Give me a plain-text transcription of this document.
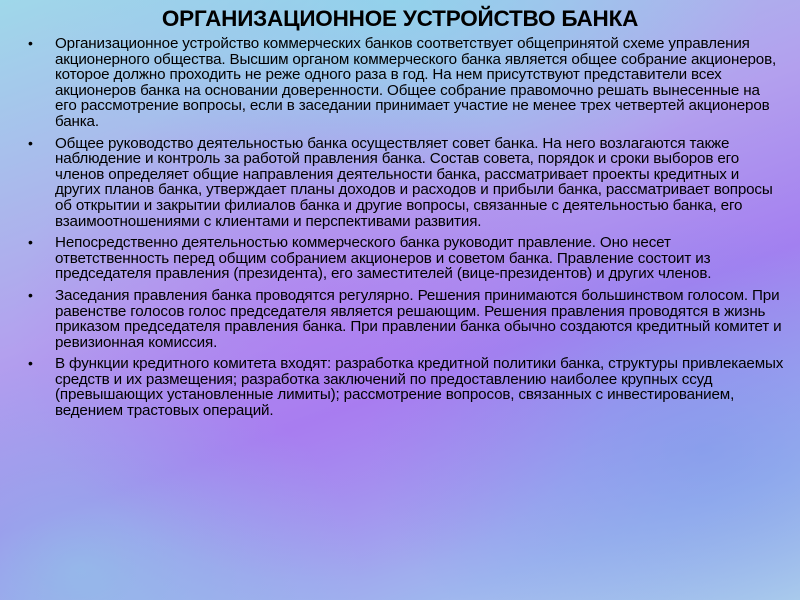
ОРГАНИЗАЦИОННОЕ УСТРОЙСТВО БАНКА
• Организационное устройство коммерческих банков соответствует общепринятой схеме управления акционерного общества. Высшим органом коммерческого банка является общее собрание акционеров, которое должно проходить не реже одного раза в год. На нем присутствуют представители всех акционеров банка на основании доверенности. Общее собрание правомочно решать вынесенные на его рассмотрение вопросы, если в заседании принимает участие не менее трех четвертей акционеров банка.
• Общее руководство деятельностью банка осуществляет совет банка. На него возлагаются также наблюдение и контроль за работой правления банка. Состав совета, порядок и сроки выборов его членов определяет общие направления деятельности банка, рассматривает проекты кредитных и других планов банка, утверждает планы доходов и расходов и прибыли банка, рассматривает вопросы об открытии и закрытии филиалов банка и другие вопросы, связанные с деятельностью банка, его взаимоотношениями с клиентами и перспективами развития.
• Непосредственно деятельностью коммерческого банка руководит правление. Оно несет ответственность перед общим собранием акционеров и советом банка. Правление состоит из председателя правления (президента), его заместителей (вице-президентов) и других членов.
• Заседания правления банка проводятся регулярно. Решения принимаются большинством голосом. При равенстве голосов голос председателя является решающим. Решения правления проводятся в жизнь приказом председателя правления банка. При правлении банка обычно создаются кредитный комитет и ревизионная комиссия.
• В функции кредитного комитета входят: разработка кредитной политики банка, структуры привлекаемых средств и их размещения; разработка заключений по предоставлению наиболее крупных ссуд (превышающих установленные лимиты); рассмотрение вопросов, связанных с инвестированием, ведением трастовых операций.
